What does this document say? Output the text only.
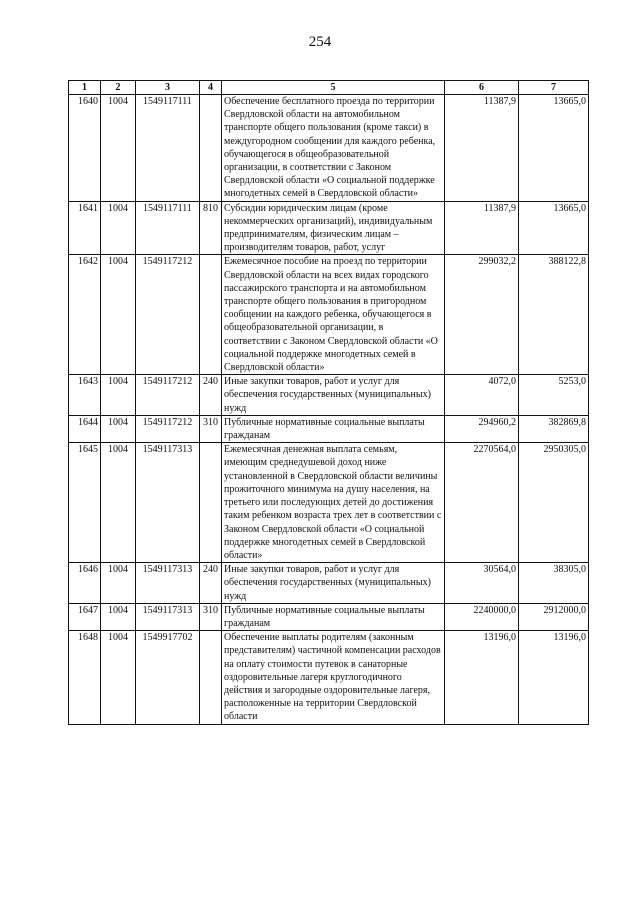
254
1	2	3	4	5	6	7
1640	1004	1549117111		Обеспечение бесплатного проезда по территории Свердловской области на автомобильном транспорте общего пользования (кроме такси) в междугородном сообщении для каждого ребенка, обучающегося в общеобразовательной организации, в соответствии с Законом Свердловской области «О социальной поддержке многодетных семей в Свердловской области»	11387,9	13665,0
1641	1004	1549117111	810	Субсидии юридическим лицам (кроме некоммерческих организаций), индивидуальным предпринимателям, физическим лицам – производителям товаров, работ, услуг	11387,9	13665,0
1642	1004	1549117212		Ежемесячное пособие на проезд по территории Свердловской области на всех видах городского пассажирского транспорта и на автомобильном транспорте общего пользования в пригородном сообщении на каждого ребенка, обучающегося в общеобразовательной организации, в соответствии с Законом Свердловской области «О социальной поддержке многодетных семей в Свердловской области»	299032,2	388122,8
1643	1004	1549117212	240	Иные закупки товаров, работ и услуг для обеспечения государственных (муниципальных) нужд	4072,0	5253,0
1644	1004	1549117212	310	Публичные нормативные социальные выплаты гражданам	294960,2	382869,8
1645	1004	1549117313		Ежемесячная денежная выплата семьям, имеющим среднедушевой доход ниже установленной в Свердловской области величины прожиточного минимума на душу населения, на третьего или последующих детей до достижения таким ребенком возраста трех лет в соответствии с Законом Свердловской области «О социальной поддержке многодетных семей в Свердловской области»	2270564,0	2950305,0
1646	1004	1549117313	240	Иные закупки товаров, работ и услуг для обеспечения государственных (муниципальных) нужд	30564,0	38305,0
1647	1004	1549117313	310	Публичные нормативные социальные выплаты гражданам	2240000,0	2912000,0
1648	1004	1549917702		Обеспечение выплаты родителям (законным представителям) частичной компенсации расходов на оплату стоимости путевок в санаторные оздоровительные лагеря круглогодичного действия и загородные оздоровительные лагеря, расположенные на территории Свердловской области	13196,0	13196,0
